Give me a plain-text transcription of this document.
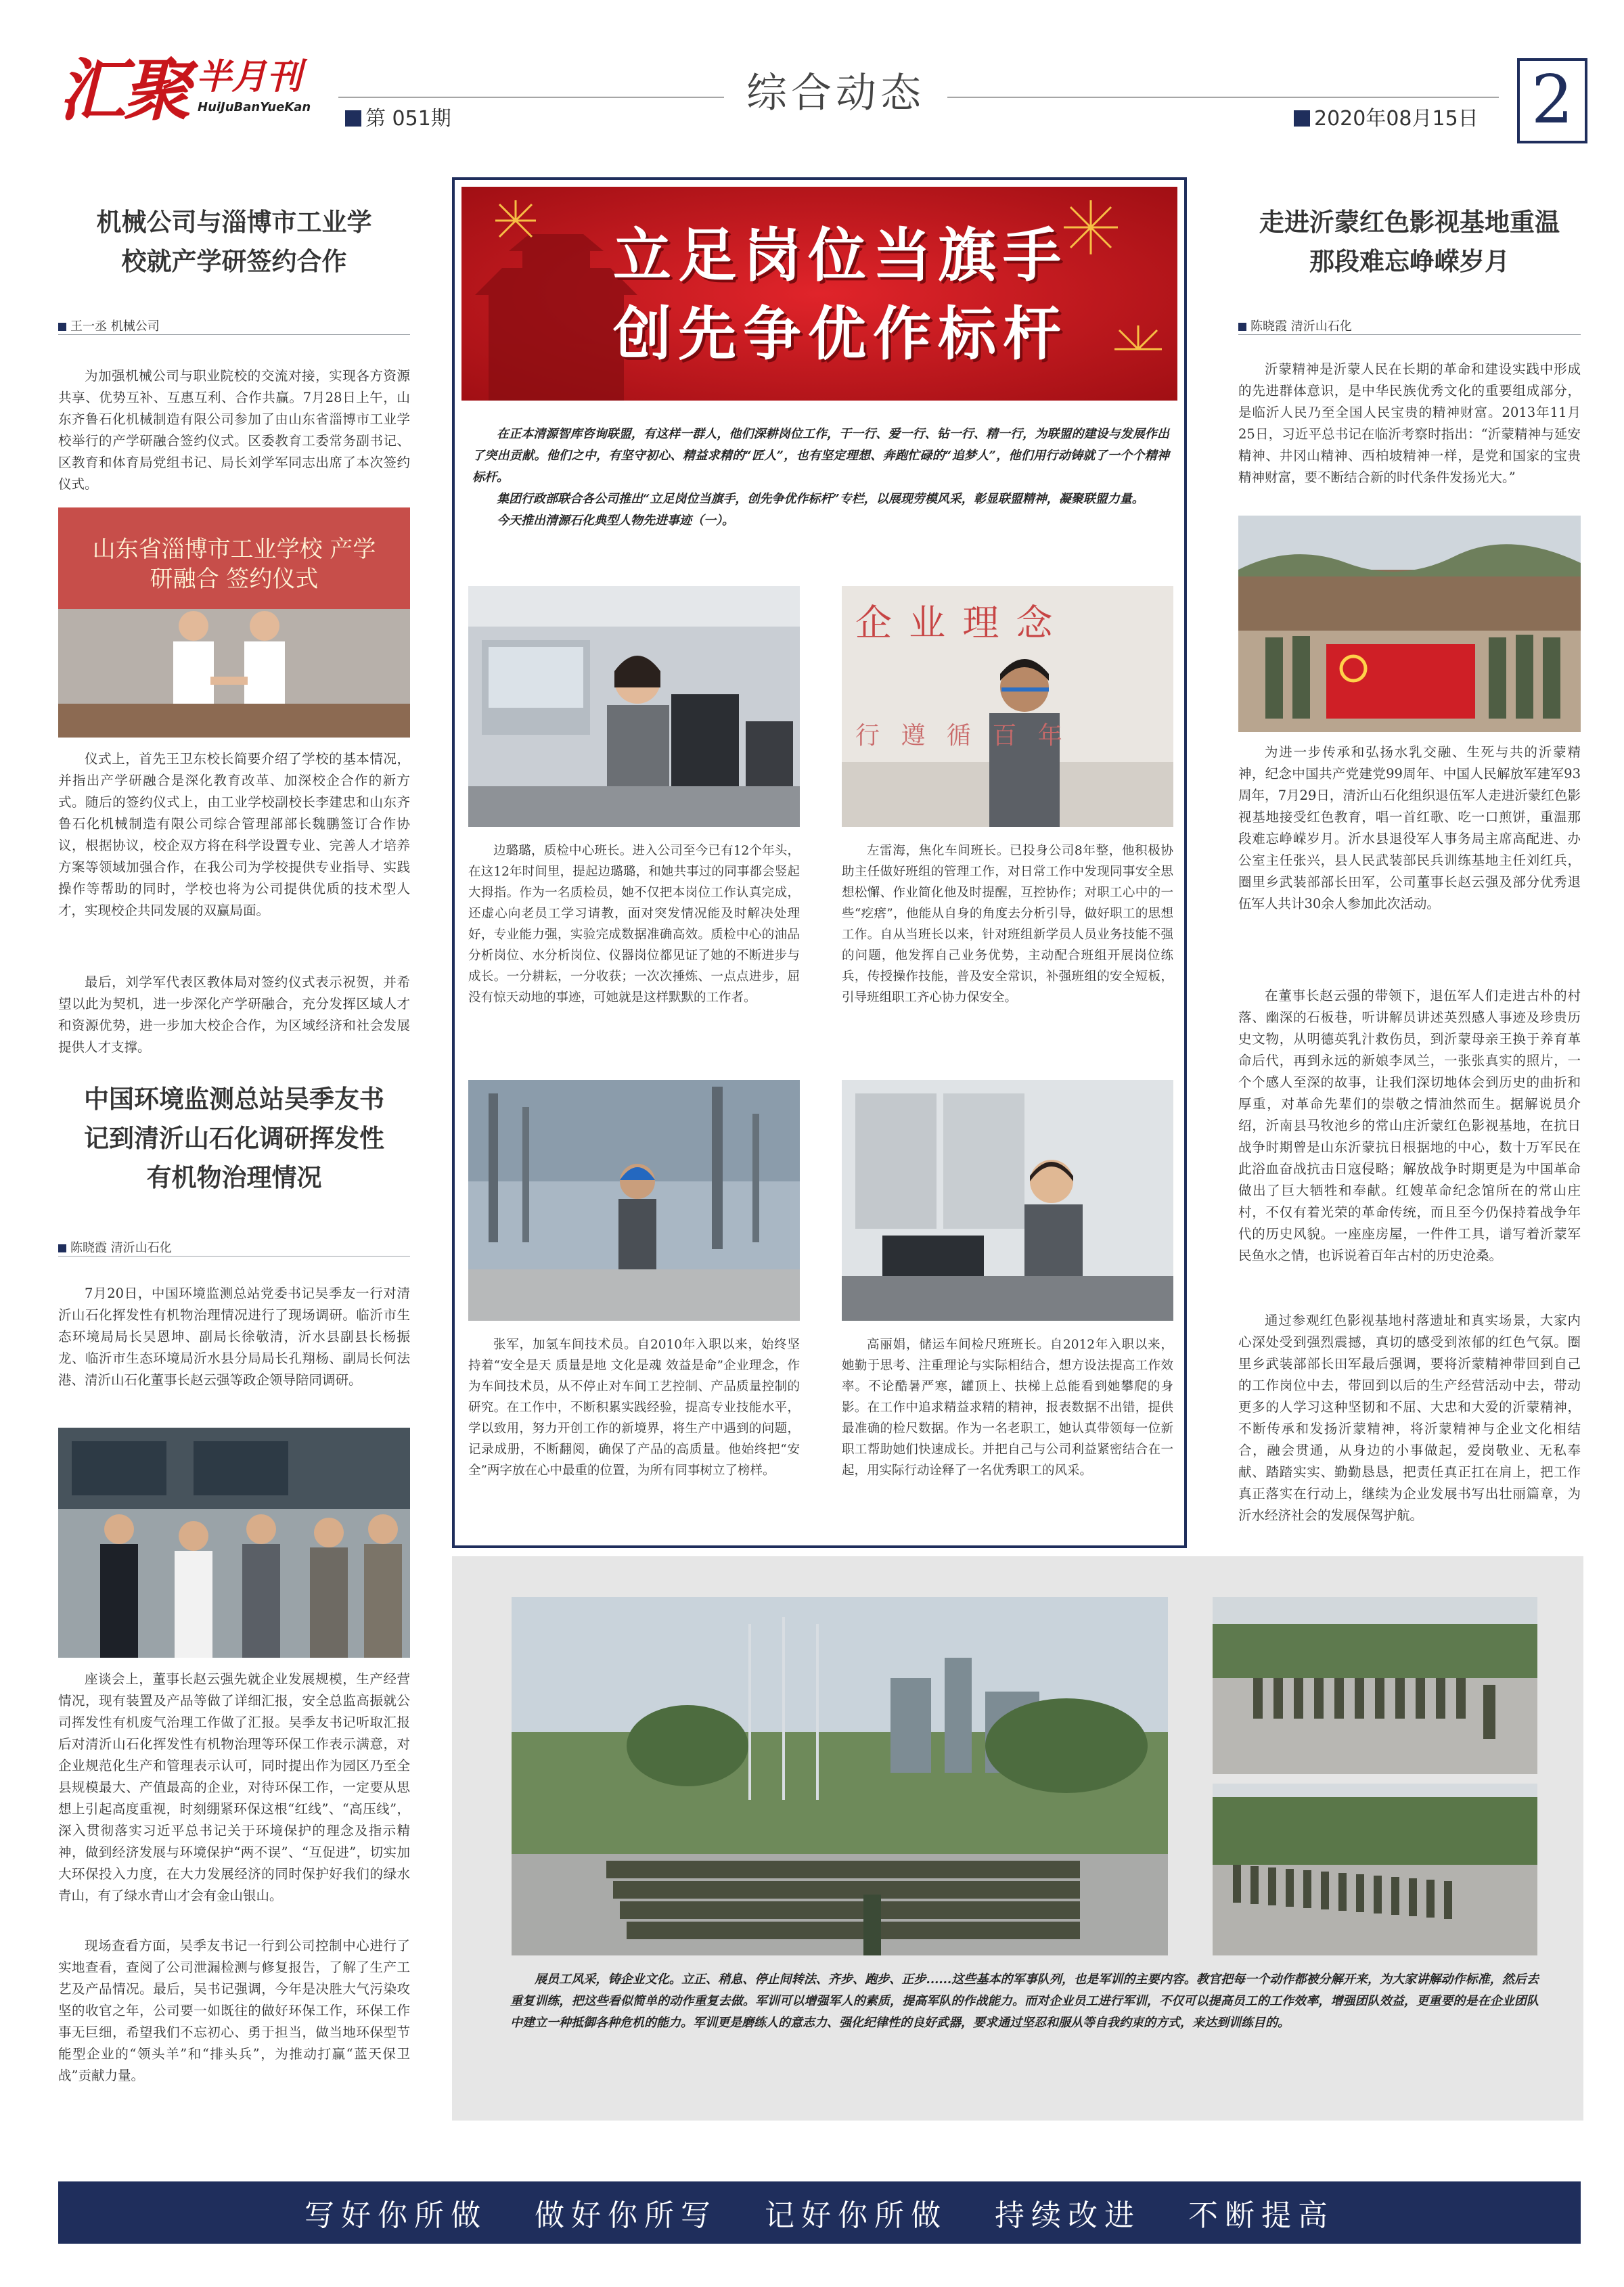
汇聚 半月刊
HuiJuBanYueKan	综合动态
第 051期	2020年08月15日 2
机械公司与淄博市工业学校就产学研签约合作
王一丞 机械公司

为加强机械公司与职业院校的交流对接，实现各方资源共享、优势互补、互惠互利、合作共赢。7月28日上午，山东齐鲁石化机械制造有限公司参加了由山东省淄博市工业学校举行的产学研融合签约仪式。区委教育工委常务副书记、区教育和体育局党组书记、局长刘学军同志出席了本次签约仪式。

山东省淄博市工业学校 产学研融合 签约仪式

仪式上，首先王卫东校长简要介绍了学校的基本情况，并指出产学研融合是深化教育改革、加深校企合作的新方式。随后的签约仪式上，由工业学校副校长李建忠和山东齐鲁石化机械制造有限公司综合管理部部长魏鹏签订合作协议，根据协议，校企双方将在科学设置专业、完善人才培养方案等领域加强合作，在我公司为学校提供专业指导、实践操作等帮助的同时，学校也将为公司提供优质的技术型人才，实现校企共同发展的双赢局面。

最后，刘学军代表区教体局对签约仪式表示祝贺，并希望以此为契机，进一步深化产学研融合，充分发挥区域人才和资源优势，进一步加大校企合作，为区域经济和社会发展提供人才支撑。

中国环境监测总站吴季友书记到清沂山石化调研挥发性有机物治理情况
陈晓霞 清沂山石化

7月20日，中国环境监测总站党委书记吴季友一行对清沂山石化挥发性有机物治理情况进行了现场调研。临沂市生态环境局局长吴恩坤、副局长徐敬清，沂水县副县长杨振龙、临沂市生态环境局沂水县分局局长孔翔杨、副局长何法港、清沂山石化董事长赵云强等政企领导陪同调研。

座谈会上，董事长赵云强先就企业发展规模，生产经营情况，现有装置及产品等做了详细汇报，安全总监高振就公司挥发性有机废气治理工作做了汇报。吴季友书记听取汇报后对清沂山石化挥发性有机物治理等环保工作表示满意，对企业规范化生产和管理表示认可，同时提出作为园区乃至全县规模最大、产值最高的企业，对待环保工作，一定要从思想上引起高度重视，时刻绷紧环保这根“红线”、“高压线”，深入贯彻落实习近平总书记关于环境保护的理念及指示精神，做到经济发展与环境保护“两不误”、“互促进”，切实加大环保投入力度，在大力发展经济的同时保护好我们的绿水青山，有了绿水青山才会有金山银山。

现场查看方面，吴季友书记一行到公司控制中心进行了实地查看，查阅了公司泄漏检测与修复报告，了解了生产工艺及产品情况。最后，吴书记强调，今年是决胜大气污染攻坚的收官之年，公司要一如既往的做好环保工作，环保工作事无巨细，希望我们不忘初心、勇于担当，做当地环保型节能型企业的“领头羊”和“排头兵”，为推动打赢“蓝天保卫战”贡献力量。

立足岗位当旗手
创先争优作标杆

在正本清源智库咨询联盟，有这样一群人，他们深耕岗位工作，干一行、爱一行、钻一行、精一行，为联盟的建设与发展作出了突出贡献。他们之中，有坚守初心、精益求精的“匠人”，也有坚定理想、奔跑忙碌的“追梦人”，他们用行动铸就了一个个精神标杆。

集团行政部联合各公司推出“立足岗位当旗手，创先争优作标杆”专栏，以展现劳模风采，彰显联盟精神，凝聚联盟力量。

今天推出清源石化典型人物先进事迹（一）。

企 业 理 念
行 遵 循 百 年

边璐璐，质检中心班长。进入公司至今已有12个年头，在这12年时间里，提起边璐璐，和她共事过的同事都会竖起大拇指。作为一名质检员，她不仅把本岗位工作认真完成，还虚心向老员工学习请教，面对突发情况能及时解决处理好，专业能力强，实验完成数据准确高效。质检中心的油品分析岗位、水分析岗位、仪器岗位都见证了她的不断进步与成长。一分耕耘，一分收获；一次次捶炼、一点点进步，屈没有惊天动地的事迹，可她就是这样默默的工作者。

左雷海，焦化车间班长。已投身公司8年整，他积极协助主任做好班组的管理工作，对日常工作中发现同事安全思想松懈、作业简化他及时提醒，互控协作；对职工心中的一些“疙瘩”，他能从自身的角度去分析引导，做好职工的思想工作。自从当班长以来，针对班组新学员人员业务技能不强的问题，他发挥自己业务优势，主动配合班组开展岗位练兵，传授操作技能，普及安全常识，补强班组的安全短板，引导班组职工齐心协力保安全。

张军，加氢车间技术员。自2010年入职以来，始终坚持着“安全是天 质量是地 文化是魂 效益是命”企业理念，作为车间技术员，从不停止对车间工艺控制、产品质量控制的研究。在工作中，不断积累实践经验，提高专业技能水平，学以致用，努力开创工作的新境界，将生产中遇到的问题，记录成册，不断翻阅，确保了产品的高质量。他始终把“安全”两字放在心中最重的位置，为所有同事树立了榜样。

高丽娟，储运车间检尺班班长。自2012年入职以来，她勤于思考、注重理论与实际相结合，想方设法提高工作效率。不论酷暑严寒，罐顶上、扶梯上总能看到她攀爬的身影。在工作中追求精益求精的精神，报表数据不出错，提供最准确的检尺数据。作为一名老职工，她认真带领每一位新职工帮助她们快速成长。并把自己与公司利益紧密结合在一起，用实际行动诠释了一名优秀职工的风采。

走进沂蒙红色影视基地重温那段难忘峥嵘岁月
陈晓霞 清沂山石化

沂蒙精神是沂蒙人民在长期的革命和建设实践中形成的先进群体意识，是中华民族优秀文化的重要组成部分，是临沂人民乃至全国人民宝贵的精神财富。2013年11月25日，习近平总书记在临沂考察时指出：“沂蒙精神与延安精神、井冈山精神、西柏坡精神一样，是党和国家的宝贵精神财富，要不断结合新的时代条件发扬光大。”

为进一步传承和弘扬水乳交融、生死与共的沂蒙精神，纪念中国共产党建党99周年、中国人民解放军建军93周年，7月29日，清沂山石化组织退伍军人走进沂蒙红色影视基地接受红色教育，唱一首红歌、吃一口煎饼，重温那段难忘峥嵘岁月。沂水县退役军人事务局主席高配进、办公室主任张兴，县人民武装部民兵训练基地主任刘红兵，圈里乡武装部部长田军，公司董事长赵云强及部分优秀退伍军人共计30余人参加此次活动。

在董事长赵云强的带领下，退伍军人们走进古朴的村落、幽深的石板巷，听讲解员讲述英烈感人事迹及珍贵历史文物，从明德英乳汁救伤员，到沂蒙母亲王换于养育革命后代，再到永远的新娘李凤兰，一张张真实的照片，一个个感人至深的故事，让我们深切地体会到历史的曲折和厚重，对革命先辈们的崇敬之情油然而生。据解说员介绍，沂南县马牧池乡的常山庄沂蒙红色影视基地，在抗日战争时期曾是山东沂蒙抗日根据地的中心，数十万军民在此浴血奋战抗击日寇侵略；解放战争时期更是为中国革命做出了巨大牺牲和奉献。红嫂革命纪念馆所在的常山庄村，不仅有着光荣的革命传统，而且至今仍保持着战争年代的历史风貌。一座座房屋，一件件工具，谱写着沂蒙军民鱼水之情，也诉说着百年古村的历史沧桑。

通过参观红色影视基地村落遗址和真实场景，大家内心深处受到强烈震撼，真切的感受到浓郁的红色气氛。圈里乡武装部部长田军最后强调，要将沂蒙精神带回到自己的工作岗位中去，带回到以后的生产经营活动中去，带动更多的人学习这种坚韧和不屈、大忠和大爱的沂蒙精神，不断传承和发扬沂蒙精神，将沂蒙精神与企业文化相结合，融会贯通，从身边的小事做起，爱岗敬业、无私奉献、踏踏实实、勤勤恳恳，把责任真正扛在肩上，把工作真正落实在行动上，继续为企业发展书写出壮丽篇章，为沂水经济社会的发展保驾护航。

展员工风采，铸企业文化。立正、稍息、停止间转法、齐步、跑步、正步......这些基本的军事队列，也是军训的主要内容。教官把每一个动作都被分解开来，为大家讲解动作标准，然后去重复训练，把这些看似简单的动作重复去做。军训可以增强军人的素质，提高军队的作战能力。而对企业员工进行军训，不仅可以提高员工的工作效率，增强团队效益，更重要的是在企业团队中建立一种抵御各种危机的能力。军训更是磨练人的意志力、强化纪律性的良好武器，要求通过坚忍和服从等自我约束的方式，来达到训练目的。

写好你所做 做好你所写 记好你所做 持续改进 不断提高
